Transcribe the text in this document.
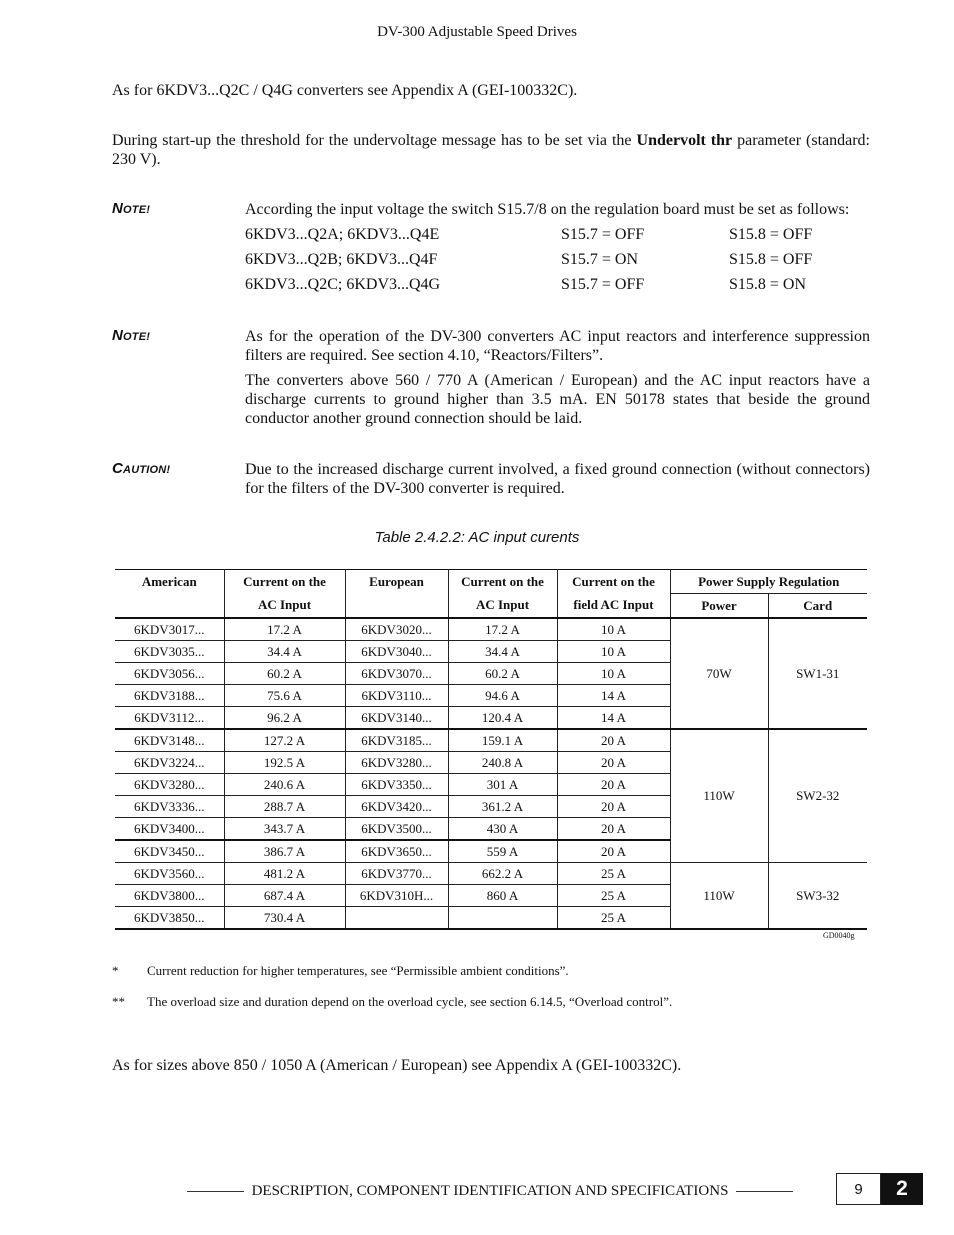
DV-300 Adjustable Speed Drives
As for 6KDV3...Q2C / Q4G converters see Appendix A (GEI-100332C).
During start-up the threshold for the undervoltage message has to be set via the Undervolt thr parameter (standard: 230 V).
NOTE!	According the input voltage the switch S15.7/8 on the regulation board must be set as follows:
6KDV3...Q2A; 6KDV3...Q4E	S15.7 = OFF	S15.8 = OFF
6KDV3...Q2B; 6KDV3...Q4F	S15.7 = ON	S15.8 = OFF
6KDV3...Q2C; 6KDV3...Q4G	S15.7 = OFF	S15.8 = ON
NOTE!	As for the operation of the DV-300 converters AC input reactors and interference suppression filters are required. See section 4.10, “Reactors/Filters”.
The converters above 560 / 770 A (American / European) and the AC input reactors have a discharge currents to ground higher than 3.5 mA. EN 50178 states that beside the ground conductor another ground connection should be laid.
CAUTION!	Due to the increased discharge current involved, a fixed ground connection (without connectors) for the filters of the DV-300 converter is required.
Table 2.4.2.2: AC input curents
American	Current on the	European	Current on the	Current on the	Power Supply Regulation	
	AC Input		AC Input	field AC Input	Power	Card
6KDV3017...	17.2 A	6KDV3020...	17.2 A	10 A	70W	SW1-31
6KDV3035...	34.4 A	6KDV3040...	34.4 A	10 A		
6KDV3056...	60.2 A	6KDV3070...	60.2 A	10 A		
6KDV3188...	75.6 A	6KDV3110...	94.6 A	14 A		
6KDV3112...	96.2 A	6KDV3140...	120.4 A	14 A		
6KDV3148...	127.2 A	6KDV3185...	159.1 A	20 A	110W	SW2-32
6KDV3224...	192.5 A	6KDV3280...	240.8 A	20 A		
6KDV3280...	240.6 A	6KDV3350...	301 A	20 A		
6KDV3336...	288.7 A	6KDV3420...	361.2 A	20 A		
6KDV3400...	343.7 A	6KDV3500...	430 A	20 A		
6KDV3450...	386.7 A	6KDV3650...	559 A	20 A		
6KDV3560...	481.2 A	6KDV3770...	662.2 A	25 A	110W	SW3-32
6KDV3800...	687.4 A	6KDV310H...	860 A	25 A		
6KDV3850...	730.4 A			25 A		
GD0040g
* Current reduction for higher temperatures, see “Permissible ambient conditions”.
** The overload size and duration depend on the overload cycle, see section 6.14.5, “Overload control”.
As for sizes above 850 / 1050 A (American / European) see Appendix A (GEI-100332C).
DESCRIPTION, COMPONENT IDENTIFICATION AND SPECIFICATIONS	9	2
